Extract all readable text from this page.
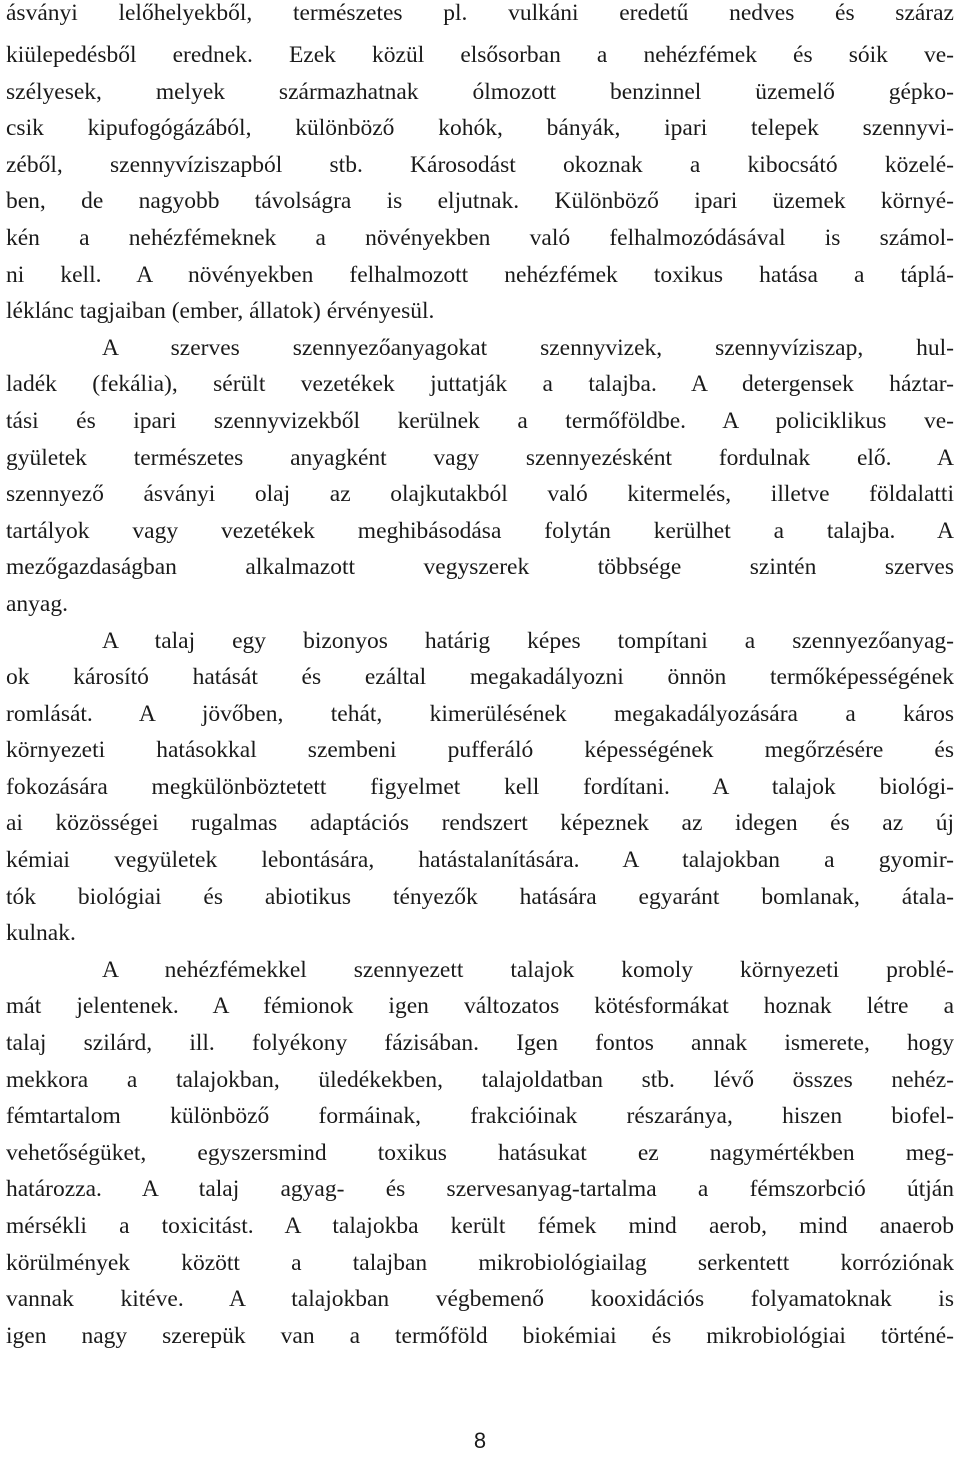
ásványi lelőhelyekből, természetes pl. vulkáni eredetű nedves és száraz
kiülepedésből erednek. Ezek közül elsősorban a nehézfémek és sóik ve-
szélyesek, melyek származhatnak ólmozott benzinnel üzemelő gépko-
csik kipufogógázából, különböző kohók, bányák, ipari telepek szennyvi-
zéből, szennyvíziszapból stb. Károsodást okoznak a kibocsátó közelé-
ben, de nagyobb távolságra is eljutnak. Különböző ipari üzemek környé-
kén a nehézfémeknek a növényekben való felhalmozódásával is számol-
ni kell. A növényekben felhalmozott nehézfémek toxikus hatása a táplá-
léklánc tagjaiban (ember, állatok) érvényesül.
A szerves szennyezőanyagokat szennyvizek, szennyvíziszap, hul-
ladék (fekália), sérült vezetékek juttatják a talajba. A detergensek háztar-
tási és ipari szennyvizekből kerülnek a termőföldbe. A policiklikus ve-
gyületek természetes anyagként vagy szennyezésként fordulnak elő. A
szennyező ásványi olaj az olajkutakból való kitermelés, illetve földalatti
tartályok vagy vezetékek meghibásodása folytán kerülhet a talajba. A
mezőgazdaságban alkalmazott vegyszerek többsége szintén szerves
anyag.
A talaj egy bizonyos határig képes tompítani a szennyezőanyag-
ok károsító hatását és ezáltal megakadályozni önnön termőképességének
romlását. A jövőben, tehát, kimerülésének megakadályozására a káros
környezeti hatásokkal szembeni pufferáló képességének megőrzésére és
fokozására megkülönböztetett figyelmet kell fordítani. A talajok biológi-
ai közösségei rugalmas adaptációs rendszert képeznek az idegen és az új
kémiai vegyületek lebontására, hatástalanítására. A talajokban a gyomir-
tók biológiai és abiotikus tényezők hatására egyaránt bomlanak, átala-
kulnak.
A nehézfémekkel szennyezett talajok komoly környezeti problé-
mát jelentenek. A fémionok igen változatos kötésformákat hoznak létre a
talaj szilárd, ill. folyékony fázisában. Igen fontos annak ismerete, hogy
mekkora a talajokban, üledékekben, talajoldatban stb. lévő összes nehéz-
fémtartalom különböző formáinak, frakcióinak részaránya, hiszen biofel-
vehetőségüket, egyszersmind toxikus hatásukat ez nagymértékben meg-
határozza. A talaj agyag- és szervesanyag-tartalma a fémszorbció útján
mérsékli a toxicitást. A talajokba került fémek mind aerob, mind anaerob
körülmények között a talajban mikrobiológiailag serkentett korróziónak
vannak kitéve. A talajokban végbemenő kooxidációs folyamatoknak is
igen nagy szerepük van a termőföld biokémiai és mikrobiológiai történé-
8
